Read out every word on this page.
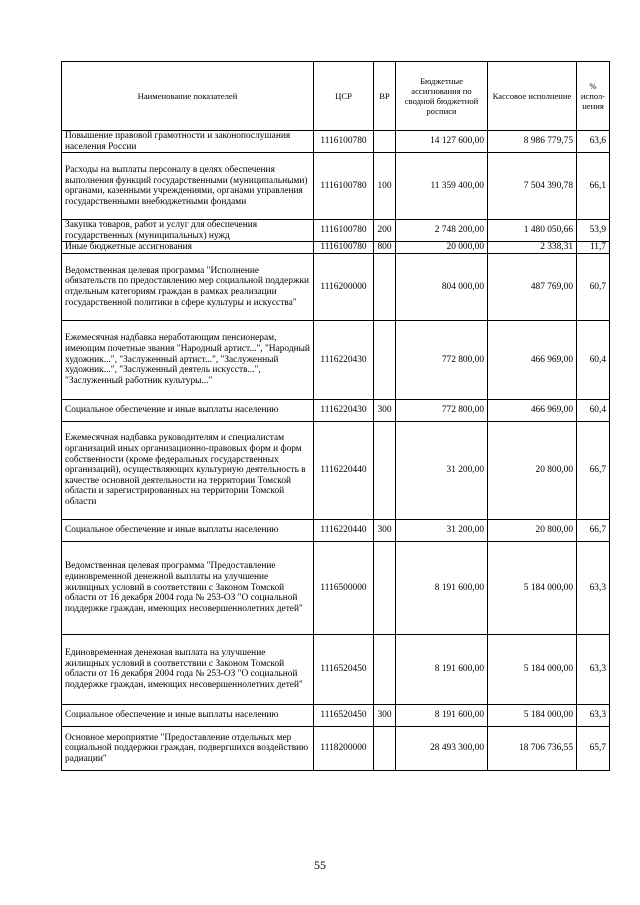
Наименование показателей	ЦСР	ВР	Бюджетные ассигнования по сводной бюджетной росписи	Кассовое исполнение	% испол-нения
Повышение правовой грамотности и законопослушания населения России	1116100780		14 127 600,00	8 986 779,75	63,6
Расходы на выплаты персоналу в целях обеспечения выполнения функций государственными (муниципальными) органами, казенными учреждениями, органами управления государственными внебюджетными фондами	1116100780	100	11 359 400,00	7 504 390,78	66,1
Закупка товаров, работ и услуг для обеспечения государственных (муниципальных) нужд	1116100780	200	2 748 200,00	1 480 050,66	53,9
Иные бюджетные ассигнования	1116100780	800	20 000,00	2 338,31	11,7
Ведомственная целевая программа "Исполнение обязательств по предоставлению мер социальной поддержки отдельным категориям граждан в рамках реализации государственной политики в сфере культуры и искусства"	1116200000		804 000,00	487 769,00	60,7
Ежемесячная надбавка неработающим пенсионерам, имеющим почетные звания "Народный артист...", "Народный художник...", "Заслуженный артист...", "Заслуженный художник...", "Заслуженный деятель искусств...", "Заслуженный работник культуры..."	1116220430		772 800,00	466 969,00	60,4
Социальное обеспечение и иные выплаты населению	1116220430	300	772 800,00	466 969,00	60,4
Ежемесячная надбавка руководителям и специалистам организаций иных организационно-правовых форм и форм собственности (кроме федеральных государственных организаций), осуществляющих культурную деятельность в качестве основной деятельности на территории Томской области и зарегистрированных на территории Томской области	1116220440		31 200,00	20 800,00	66,7
Социальное обеспечение и иные выплаты населению	1116220440	300	31 200,00	20 800,00	66,7
Ведомственная целевая программа "Предоставление единовременной денежной выплаты на улучшение жилищных условий в соответствии с Законом Томской области от 16 декабря 2004 года № 253-ОЗ "О социальной поддержке граждан, имеющих несовершеннолетних детей"	1116500000		8 191 600,00	5 184 000,00	63,3
Единовременная денежная выплата на улучшение жилищных условий в соответствии с Законом Томской области от 16 декабря 2004 года № 253-ОЗ "О социальной поддержке граждан, имеющих несовершеннолетних детей"	1116520450		8 191 600,00	5 184 000,00	63,3
Социальное обеспечение и иные выплаты населению	1116520450	300	8 191 600,00	5 184 000,00	63,3
Основное мероприятие "Предоставление отдельных мер социальной поддержки граждан, подвергшихся воздействию радиации"	1118200000		28 493 300,00	18 706 736,55	65,7
55
